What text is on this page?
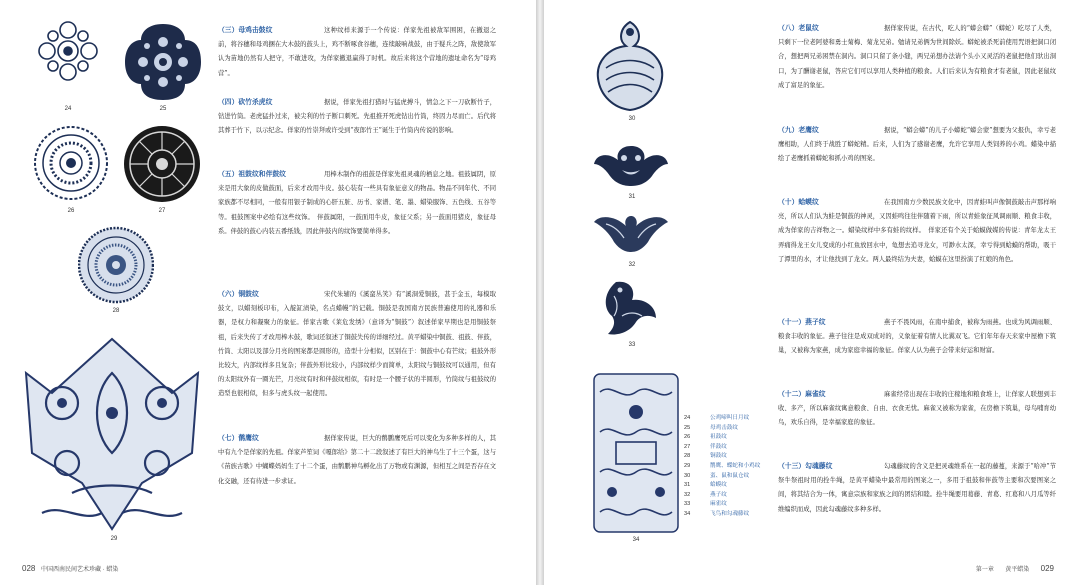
24	25
26	27
28
29
（三）母鸡击鼓纹	这种纹样来源于一个传说：佯家先祖被敌军围困，在撤退之前，将谷穗和母鸡捆在大木鼓的鼓头上，鸡不断啄食谷穗，连续敲响战鼓，由于疑兵之阵，敌使敌军认为苗地仍然有人把守，不敢进攻，为佯家撤退赢得了时机。故后来将这个营地的遗址命名为“母鸡营”。

（四）砍竹杀虎纹	据说，佯家先祖打猎时与猛虎搏斗，情急之下一刀砍断竹子，钻进竹筒。老虎猛扑过来，被尖利的竹子断口刺死。先祖推开死虎钻出竹筒，终因力尽而亡。后代将其葬于竹下，以示纪念。佯家的竹崇拜或许受到“夜郎竹王”诞生于竹筒内传说的影响。

（五）祖鼓纹和伴鼓纹	用棒木制作的祖鼓是佯家先祖灵魂的栖息之地。祖鼓属阴，原来是用大象的皮做鼓面，后来才改用牛皮。鼓心装有一些具有象征意义的物品。物品不同年代、不同家族都不尽相同，一般有用银子制成的心肝五脏、历书、家谱、笔、墨、蜡染服饰、五色线、五谷等等。祖鼓图案中必绘有这些纹饰。　伴鼓属阳，一鼓面用牛皮，象征父系；另一鼓面用猪皮，象征母系。伴鼓的鼓心内装五番纸钱，因此伴鼓内的纹饰要简单得多。

（六）铜鼓纹	宋代朱辅的《溪蛮丛笑》有“溪洞爱铜鼓，甚于金玉，每模取鼓文，以蜡刻板印布，入靛缸渍染，名点蜡幔”的记载。铜鼓是我国南方民族普遍使用的礼器和乐器，是权力和凝聚力的象征。佯家古歌《莱危发绣》（意译为“铜鼓”）叙述佯家早期也是用铜鼓祭祖，后来失传了才改用棒木鼓，歌词还叙述了铜鼓失传的详细经过。黄平蜡染中铜鼓、祖鼓、伴鼓，竹筒、太阳以及部分月亮的图案都是圆形的，造型十分相似，区别在于：铜鼓中心有芒纹；祖鼓外形比较大，内部纹样多且复杂；伴鼓外形比较小，内部纹样少而简单，太阳纹与铜鼓纹可以通用，但有的太阳纹外有一圈光芒，月亮纹有时和伴鼓纹相似，有时是一个腰子状的半圆形，竹筒纹与祖鼓纹的造型也很相似，但多与虎头纹一起使用。

（七）鹡鹰纹	据佯家传说，巨大的鹡鹏鹰死后可以变化为多种多样的人，其中有九个是佯家的先祖。佯家芦笙词《嘎郎给》第二十二段叙述了有巨大的神鸟生了十三个蛋，这与《苗族古歌》中蝴蝶妈妈生了十二个蛋，由鹡鹏神鸟孵化出了万物或有渊源，但相互之间是否存在文化交融，还有待进一步求证。

028 中国西南民间艺术珍藏 · 蜡染
30
31
32
33
34
24	公鸡啼叫日月纹
25	母鸡击鼓纹
26	祖鼓纹
27	伴鼓纹
28	铜鼓纹
29	鹡鹰、蝶蛇和小鸡纹
30	蛮、鼠和鼠仓纹
31	蛤蟆纹
32	燕子纹
33	麻雀纹
34	飞鸟和勾魂藤纹
（八）老鼠纹	据佯家传说，在古代，吃人的“蟒会蟒”（蟒蛇）吃尽了人类，只剩下一位老阿婆和勇士菊梅、菊龙兄弟。勉请兄弟俩为世间除妖。蟒蛇被杀死前使用咒语把洞口闭合，想把两兄弟困禁在洞内。洞口只留了条小缝，两兄弟想办法请个头小又灵活的老鼠把他们驮出洞口，为了酬谢老鼠，答应它们可以享用人类种植的粮食。人们后来认为有粮食才有老鼠，因此老鼠纹成了富足的象征。

（九）老鹰纹	据说，“蟒会蟒”的儿子小蟒蛇“蟒会蒙”想要为父报仇，幸亏老鹰相助，人们终于战胜了蟒蛇精。后来，人们为了感谢老鹰，允许它享用人类饲养的小鸡。蜡染中描绘了老鹰抓着蟒蛇和抓小鸡的图案。

（十）蛤蟆纹	在我国南方少数民族文化中，因青蛙叫声像铜鼓敲击声那样响亮，所以人们认为蛙是铜鼓的神灵，又因蛙鸣往往伴随着下雨，所以青蛙象征风调雨顺、粮食丰收，成为佯家的吉祥物之一。蜡染纹样中多有蛙的纹样。　佯家还有个关于蛤蟆做媒的传说：青年龙太王弄痛得龙王女儿变成的小红鱼放回水中，龟想去追寻龙女，可渺水太深，幸亏得到蛤蟆的帮助，吸干了潭里的水，才让他找到了龙女。两人最终结为夫妻，蛤蟆在这里扮演了红娘的角色。

（十一）燕子纹	燕子不畏风雨，在南中捕食，被称为雨燕。也成为风调雨顺、粮食丰收的象征。燕子往往是成双成对的，义象征着有情人比翼双飞。它们年年春天来家中屋檐下筑巢，又被称为家燕，成为家庭幸福的象征。佯家人认为燕子会带来好运和财富。

（十二）麻雀纹	麻雀经常出现在丰收的庄稼地和粮食堆上，让佯家人联想到丰收、多产，所以麻雀纹寓意粮食、自由、衣食无忧。麻雀又被称为家雀，在房檐下筑巢，母鸟哺育幼鸟，欢乐自得，是幸福家庭的象征。

（十三）勾魂藤纹	勾魂藤纹的含义是把灵魂维系在一起的藤蔓，来源于“哈冲”节祭牛祭祖时用的拴牛绳，是黄平蜡染中最常用的图案之一，多用于祖鼓和伴鼓等主要和次要图案之间，将其结合为一体，寓意宗族和家族之间的团结和睦。拴牛绳要用葛藤、青葛、红葛和八月瓜等纤维编织而成，因此勾魂藤纹多种多样。

第一章 黄平蜡染 029
